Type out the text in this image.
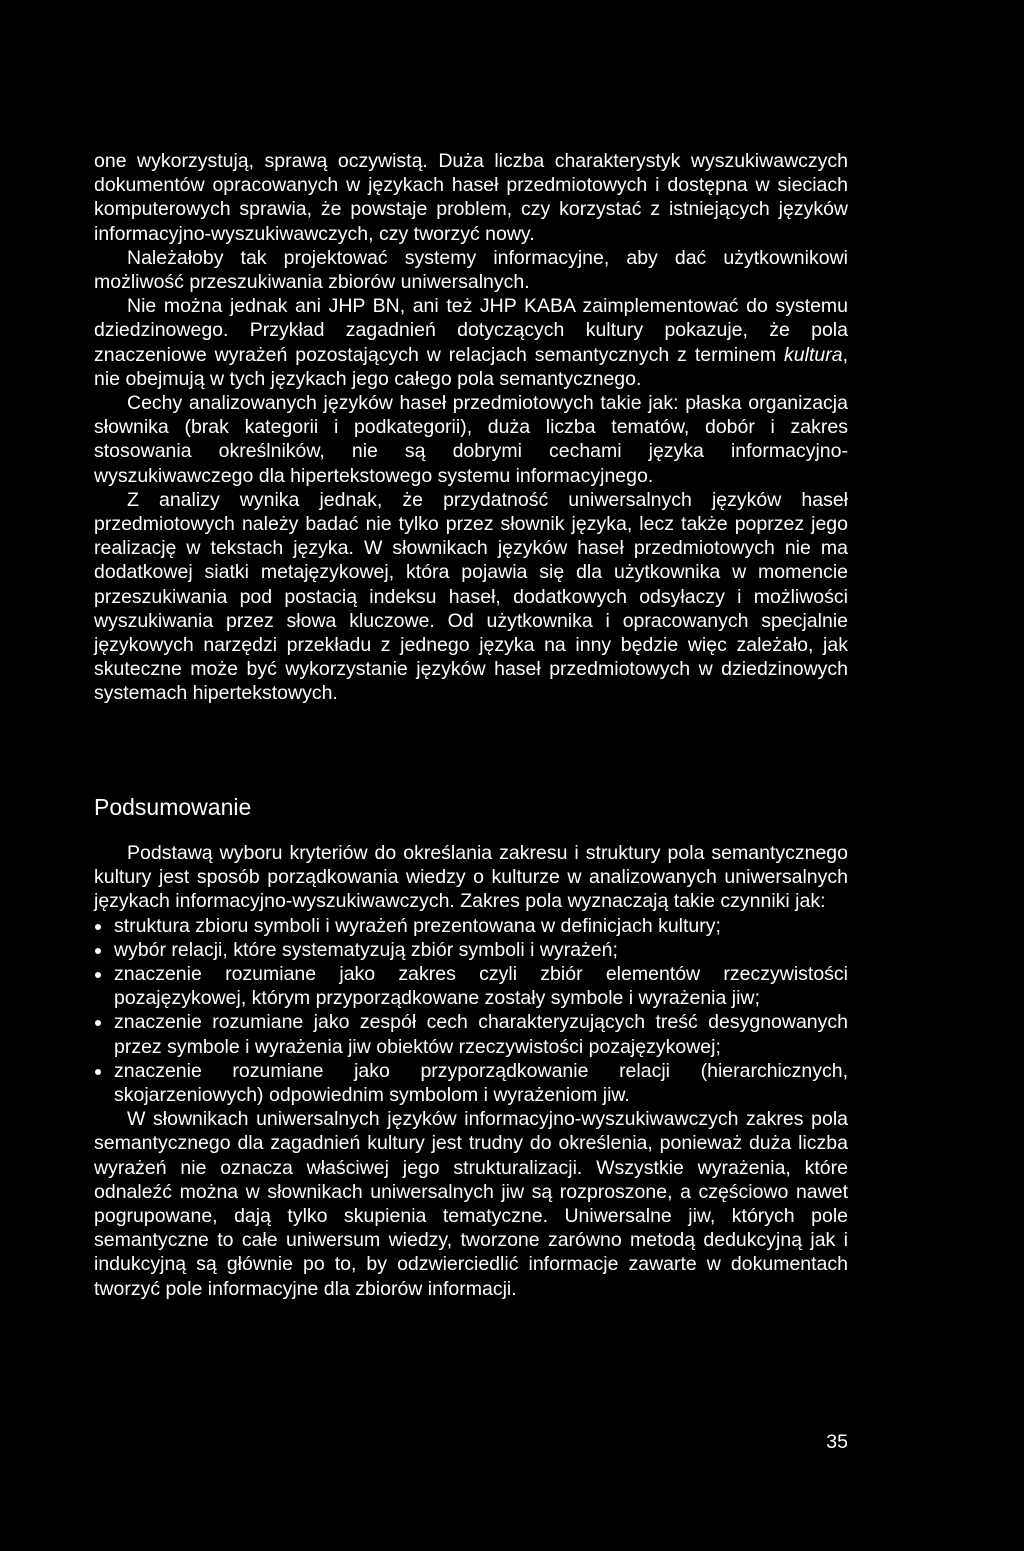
one wykorzystują, sprawą oczywistą. Duża liczba charakterystyk wyszukiwawczych dokumentów opracowanych w językach haseł przedmiotowych i dostępna w sieciach komputerowych sprawia, że powstaje problem, czy korzystać z istniejących języków informacyjno-wyszukiwawczych, czy tworzyć nowy.

Należałoby tak projektować systemy informacyjne, aby dać użytkownikowi możliwość przeszukiwania zbiorów uniwersalnych.

Nie można jednak ani JHP BN, ani też JHP KABA zaimplementować do systemu dziedzinowego. Przykład zagadnień dotyczących kultury pokazuje, że pola znaczeniowe wyrażeń pozostających w relacjach semantycznych z terminem kultura, nie obejmują w tych językach jego całego pola semantycznego.

Cechy analizowanych języków haseł przedmiotowych takie jak: płaska organizacja słownika (brak kategorii i podkategorii), duża liczba tematów, dobór i zakres stosowania określników, nie są dobrymi cechami języka informacyjno-wyszukiwawczego dla hipertekstowego systemu informacyjnego.

Z analizy wynika jednak, że przydatność uniwersalnych języków haseł przedmiotowych należy badać nie tylko przez słownik języka, lecz także poprzez jego realizację w tekstach języka. W słownikach języków haseł przedmiotowych nie ma dodatkowej siatki metajęzykowej, która pojawia się dla użytkownika w momencie przeszukiwania pod postacią indeksu haseł, dodatkowych odsyłaczy i możliwości wyszukiwania przez słowa kluczowe. Od użytkownika i opracowanych specjalnie językowych narzędzi przekładu z jednego języka na inny będzie więc zależało, jak skuteczne może być wykorzystanie języków haseł przedmiotowych w dziedzinowych systemach hipertekstowych.

Podsumowanie

Podstawą wyboru kryteriów do określania zakresu i struktury pola semantycznego kultury jest sposób porządkowania wiedzy o kulturze w analizowanych uniwersalnych językach informacyjno-wyszukiwawczych. Zakres pola wyznaczają takie czynniki jak:

struktura zbioru symboli i wyrażeń prezentowana w definicjach kultury;
wybór relacji, które systematyzują zbiór symboli i wyrażeń;
znaczenie rozumiane jako zakres czyli zbiór elementów rzeczywistości pozajęzykowej, którym przyporządkowane zostały symbole i wyrażenia jiw;
znaczenie rozumiane jako zespół cech charakteryzujących treść desygnowanych przez symbole i wyrażenia jiw obiektów rzeczywistości pozajęzykowej;
znaczenie rozumiane jako przyporządkowanie relacji (hierarchicznych, skojarzeniowych) odpowiednim symbolom i wyrażeniom jiw.

W słownikach uniwersalnych języków informacyjno-wyszukiwawczych zakres pola semantycznego dla zagadnień kultury jest trudny do określenia, ponieważ duża liczba wyrażeń nie oznacza właściwej jego strukturalizacji. Wszystkie wyrażenia, które odnaleźć można w słownikach uniwersalnych jiw są rozproszone, a częściowo nawet pogrupowane, dają tylko skupienia tematyczne. Uniwersalne jiw, których pole semantyczne to całe uniwersum wiedzy, tworzone zarówno metodą dedukcyjną jak i indukcyjną są głównie po to, by odzwierciedlić informacje zawarte w dokumentach tworzyć pole informacyjne dla zbiorów informacji.

35
